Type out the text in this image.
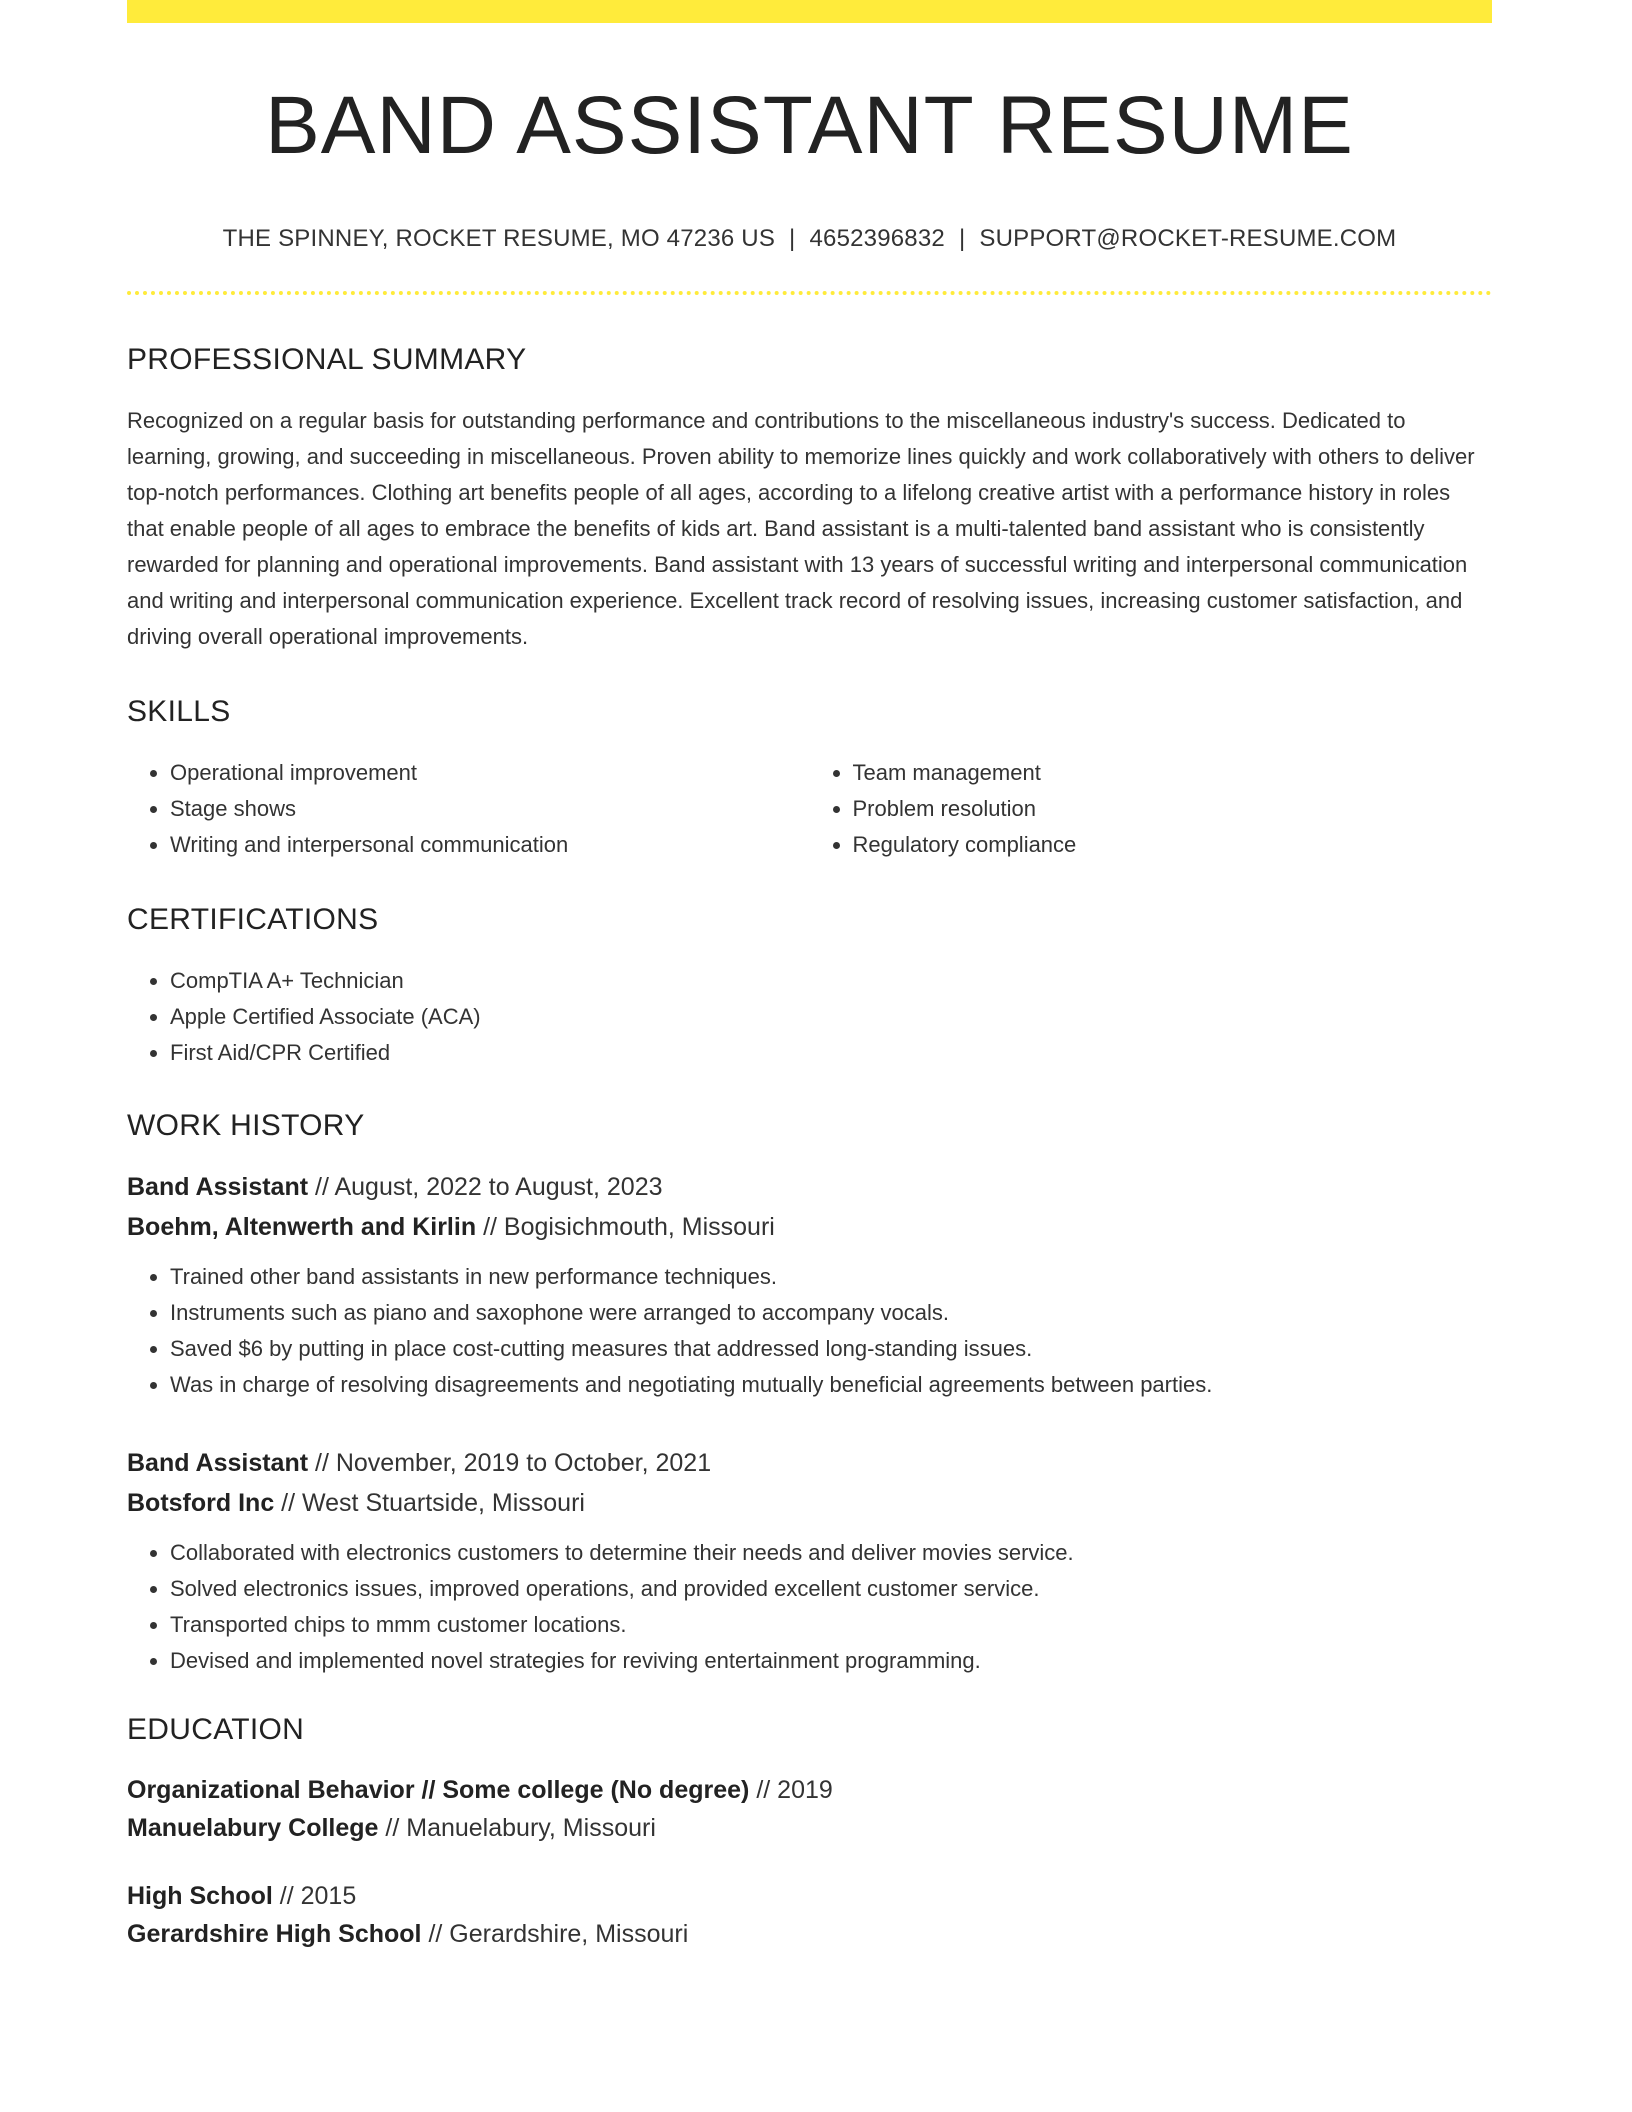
BAND ASSISTANT RESUME
THE SPINNEY, ROCKET RESUME, MO 47236 US | 4652396832 | SUPPORT@ROCKET-RESUME.COM
PROFESSIONAL SUMMARY

Recognized on a regular basis for outstanding performance and contributions to the miscellaneous industry's success. Dedicated to learning, growing, and succeeding in miscellaneous. Proven ability to memorize lines quickly and work collaboratively with others to deliver top-notch performances. Clothing art benefits people of all ages, according to a lifelong creative artist with a performance history in roles that enable people of all ages to embrace the benefits of kids art. Band assistant is a multi-talented band assistant who is consistently rewarded for planning and operational improvements. Band assistant with 13 years of successful writing and interpersonal communication and writing and interpersonal communication experience. Excellent track record of resolving issues, increasing customer satisfaction, and driving overall operational improvements.

SKILLS
• Operational improvement
• Stage shows
• Writing and interpersonal communication
• Team management
• Problem resolution
• Regulatory compliance
CERTIFICATIONS
• CompTIA A+ Technician
• Apple Certified Associate (ACA)
• First Aid/CPR Certified
WORK HISTORY
Band Assistant // August, 2022 to August, 2023
Boehm, Altenwerth and Kirlin // Bogisichmouth, Missouri
• Trained other band assistants in new performance techniques.
• Instruments such as piano and saxophone were arranged to accompany vocals.
• Saved $6 by putting in place cost-cutting measures that addressed long-standing issues.
• Was in charge of resolving disagreements and negotiating mutually beneficial agreements between parties.
Band Assistant // November, 2019 to October, 2021
Botsford Inc // West Stuartside, Missouri
• Collaborated with electronics customers to determine their needs and deliver movies service.
• Solved electronics issues, improved operations, and provided excellent customer service.
• Transported chips to mmm customer locations.
• Devised and implemented novel strategies for reviving entertainment programming.
EDUCATION
Organizational Behavior // Some college (No degree) // 2019
Manuelabury College // Manuelabury, Missouri
High School // 2015
Gerardshire High School // Gerardshire, Missouri
